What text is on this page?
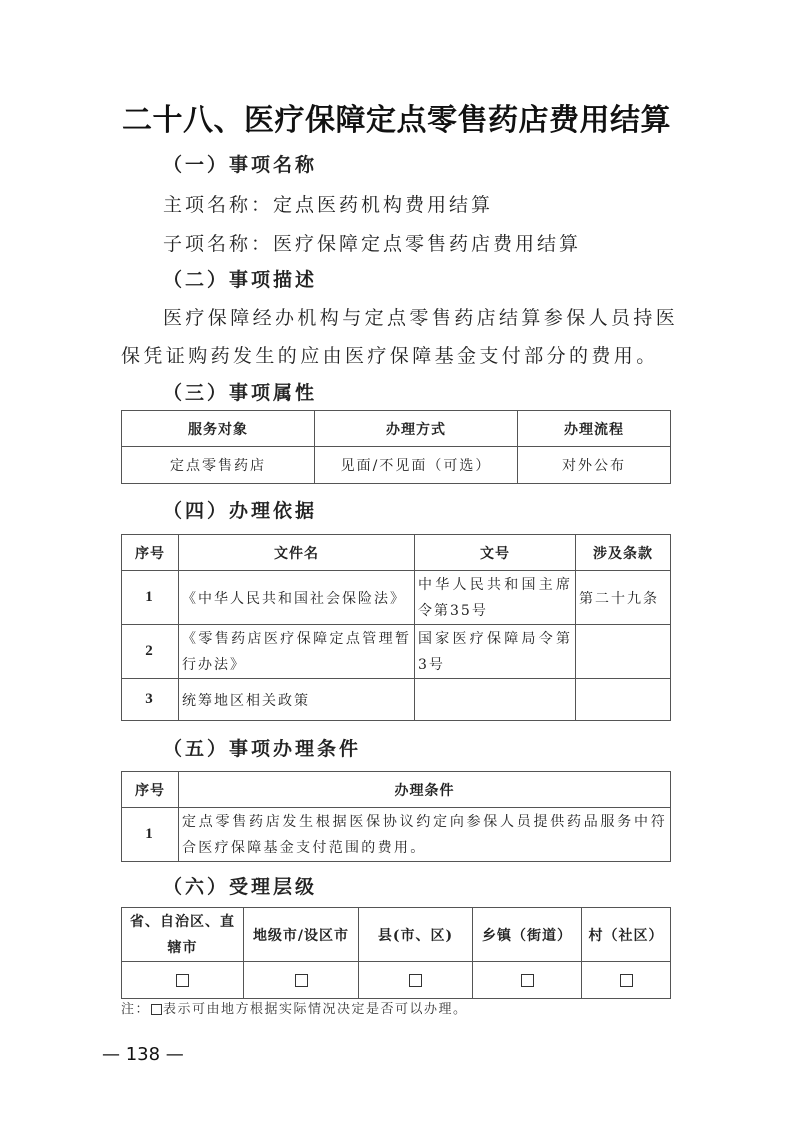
二十八、医疗保障定点零售药店费用结算
（一）事项名称
主项名称：定点医药机构费用结算
子项名称：医疗保障定点零售药店费用结算
（二）事项描述
医疗保障经办机构与定点零售药店结算参保人员持医
保凭证购药发生的应由医疗保障基金支付部分的费用。
（三）事项属性
服务对象	办理方式	办理流程
定点零售药店	见面/不见面（可选）	对外公布
（四）办理依据
序号	文件名	文号	涉及条款
1	《中华人民共和国社会保险法》	中华人民共和国主席令第35号	第二十九条
2	《零售药店医疗保障定点管理暂行办法》	国家医疗保障局令第 3号	
3	统筹地区相关政策		
（五）事项办理条件
序号	办理条件
1	定点零售药店发生根据医保协议约定向参保人员提供药品服务中符合医疗保障基金支付范围的费用。
（六）受理层级
省、自治区、直辖市	地级市/设区市	县(市、区)	乡镇（街道）	村（社区）

注： 表示可由地方根据实际情况决定是否可以办理。
— 138 —
